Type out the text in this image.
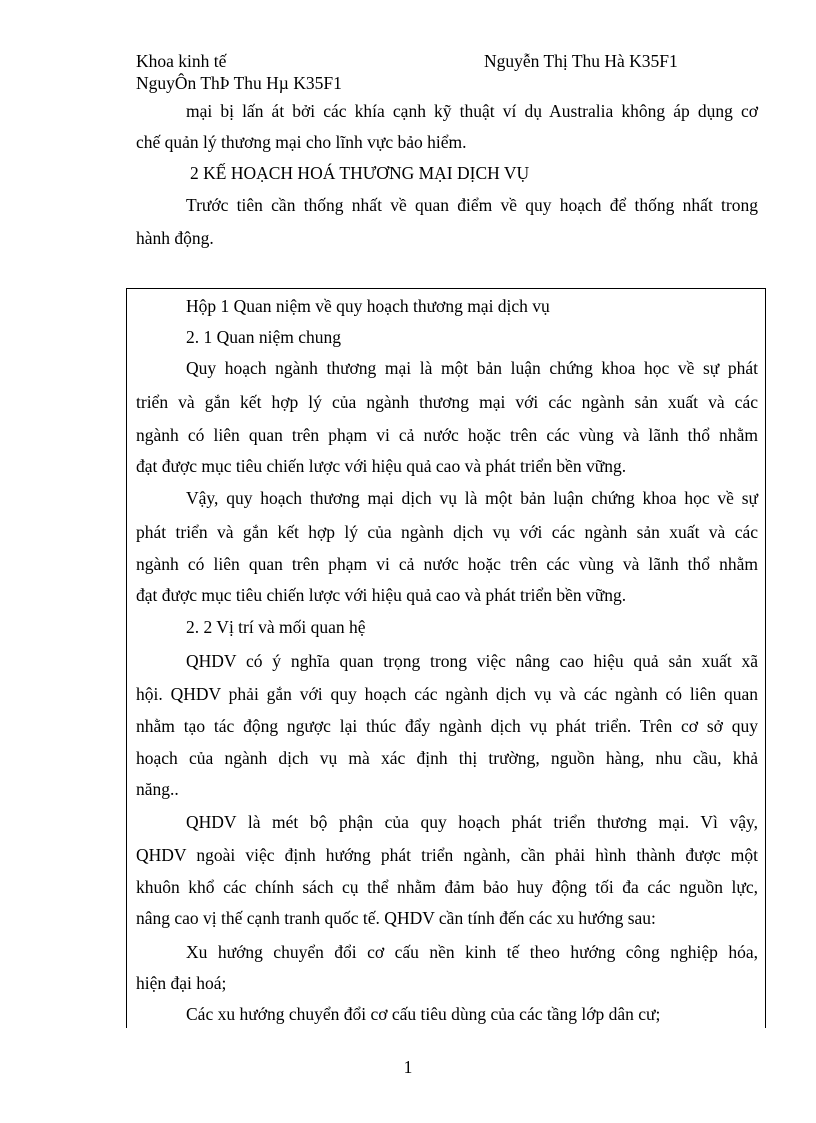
Khoa kinh tế	Nguyễn Thị Thu Hà K35F1
NguyÔn ThÞ Thu Hµ K35F1
mại bị lấn át bởi các khía cạnh kỹ thuật ví dụ Australia không áp dụng cơ
chế quản lý thương mại cho lĩnh vực bảo hiểm.
2 KẾ HOẠCH HOÁ THƯƠNG MẠI DỊCH VỤ
Trước tiên cần thống nhất về quan điểm về quy hoạch để thống nhất trong
hành động.
Hộp 1 Quan niệm về quy hoạch thương mại dịch vụ
2. 1 Quan niệm chung
Quy hoạch ngành thương mại là một bản luận chứng khoa học về sự phát
triển và gắn kết hợp lý của ngành thương mại với các ngành sản xuất và các
ngành có liên quan trên phạm vi cả nước hoặc trên các vùng và lãnh thổ nhằm
đạt được mục tiêu chiến lược với hiệu quả cao và phát triển bền vững.
Vậy, quy hoạch thương mại dịch vụ là một bản luận chứng khoa học về sự
phát triển và gắn kết hợp lý của ngành dịch vụ với các ngành sản xuất và các
ngành có liên quan trên phạm vi cả nước hoặc trên các vùng và lãnh thổ nhằm
đạt được mục tiêu chiến lược với hiệu quả cao và phát triển bền vững.
2. 2 Vị trí và mối quan hệ
QHDV có ý nghĩa quan trọng trong việc nâng cao hiệu quả sản xuất xã
hội. QHDV phải gắn với quy hoạch các ngành dịch vụ và các ngành có liên quan
nhằm tạo tác động ngược lại thúc đẩy ngành dịch vụ phát triển. Trên cơ sở quy
hoạch của ngành dịch vụ mà xác định thị trường, nguồn hàng, nhu cầu, khả
năng..
QHDV là mét bộ phận của quy hoạch phát triển thương mại. Vì vậy,
QHDV ngoài việc định hướng phát triển ngành, cần phải hình thành được một
khuôn khổ các chính sách cụ thể nhằm đảm bảo huy động tối đa các nguồn lực,
nâng cao vị thế cạnh tranh quốc tế. QHDV cần tính đến các xu hướng sau:
Xu hướng chuyển đổi cơ cấu nền kinh tế theo hướng công nghiệp hóa,
hiện đại hoá;
Các xu hướng chuyển đổi cơ cấu tiêu dùng của các tầng lớp dân cư;
1
